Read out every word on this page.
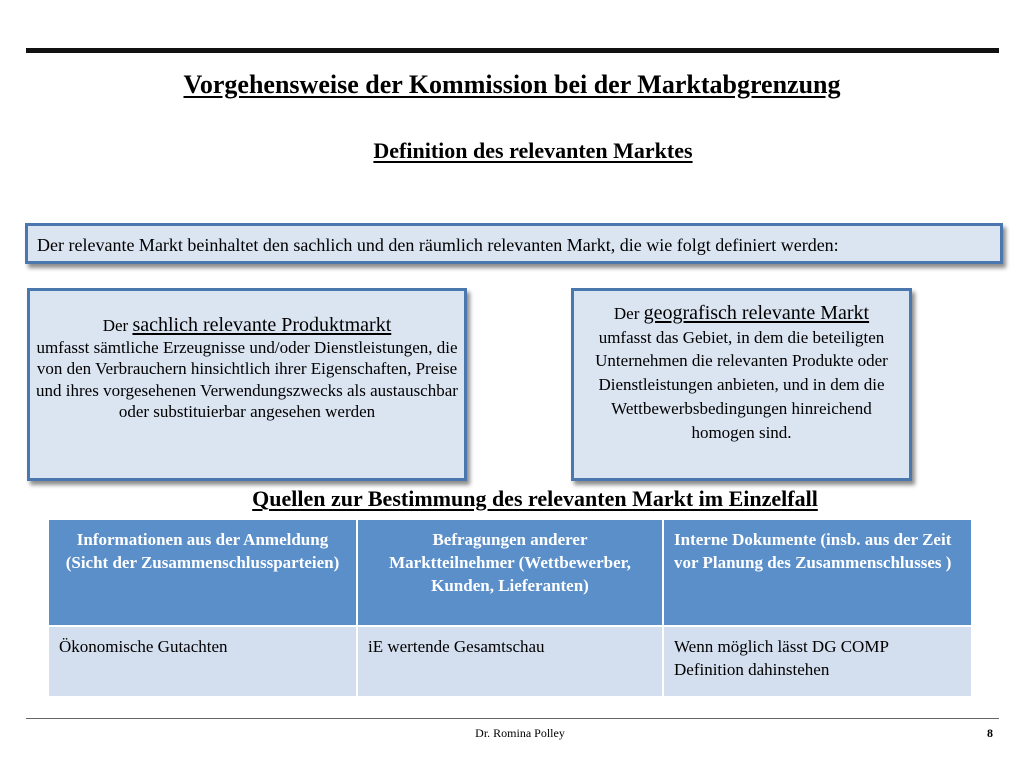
Vorgehensweise der Kommission bei der Marktabgrenzung
Definition des relevanten Marktes
Der relevante Markt beinhaltet den sachlich und den räumlich relevanten Markt, die wie folgt definiert werden:
Der sachlich relevante Produktmarkt
umfasst sämtliche Erzeugnisse und/oder Dienstleistungen, die von den Verbrauchern hinsichtlich ihrer Eigenschaften, Preise und ihres vorgesehenen Verwendungszwecks als austauschbar oder substituierbar angesehen werden
Der geografisch relevante Markt
umfasst das Gebiet, in dem die beteiligten Unternehmen die relevanten Produkte oder Dienstleistungen anbieten, und in dem die Wettbewerbsbedingungen hinreichend homogen sind.
Quellen zur Bestimmung des relevanten Markt im Einzelfall
Informationen aus der Anmeldung
(Sicht der Zusammenschlussparteien)	Befragungen anderer Marktteilnehmer (Wettbewerber, Kunden, Lieferanten)	Interne Dokumente (insb. aus der Zeit vor Planung des Zusammenschlusses )
Ökonomische Gutachten	iE wertende Gesamtschau	Wenn möglich lässt DG COMP Definition dahinstehen
Dr. Romina Polley	8
